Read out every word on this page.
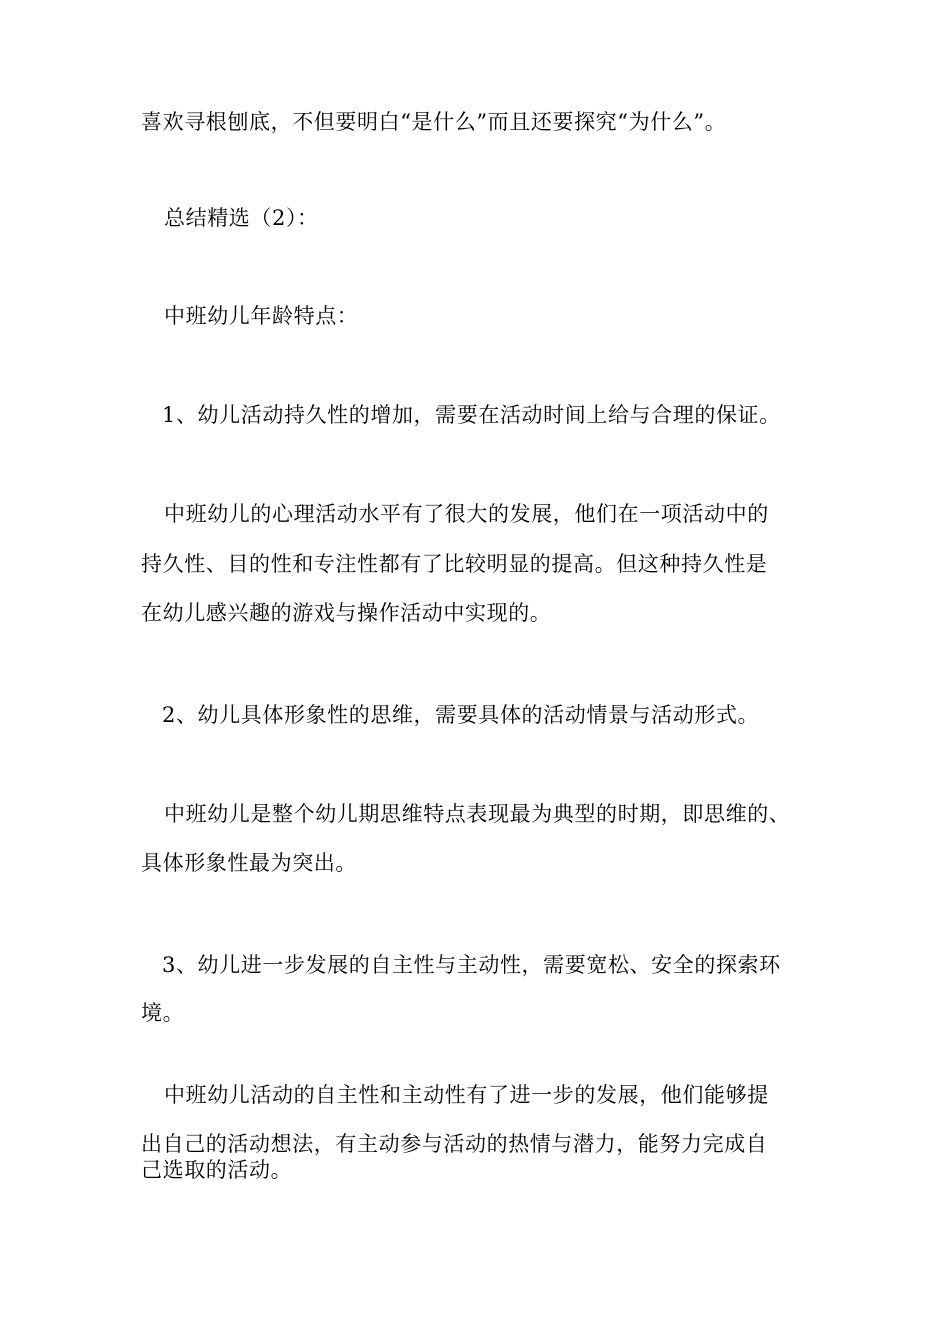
喜欢寻根刨底，不但要明白“是什么”而且还要探究“为什么”。
总结精选（2）：
中班幼儿年龄特点：
1、幼儿活动持久性的增加，需要在活动时间上给与合理的保证。
中班幼儿的心理活动水平有了很大的发展，他们在一项活动中的
持久性、目的性和专注性都有了比较明显的提高。但这种持久性是
在幼儿感兴趣的游戏与操作活动中实现的。
2、幼儿具体形象性的思维，需要具体的活动情景与活动形式。
中班幼儿是整个幼儿期思维特点表现最为典型的时期，即思维的、
具体形象性最为突出。
3、幼儿进一步发展的自主性与主动性，需要宽松、安全的探索环
境。
中班幼儿活动的自主性和主动性有了进一步的发展，他们能够提
出自己的活动想法，有主动参与活动的热情与潜力，能努力完成自
己选取的活动。
